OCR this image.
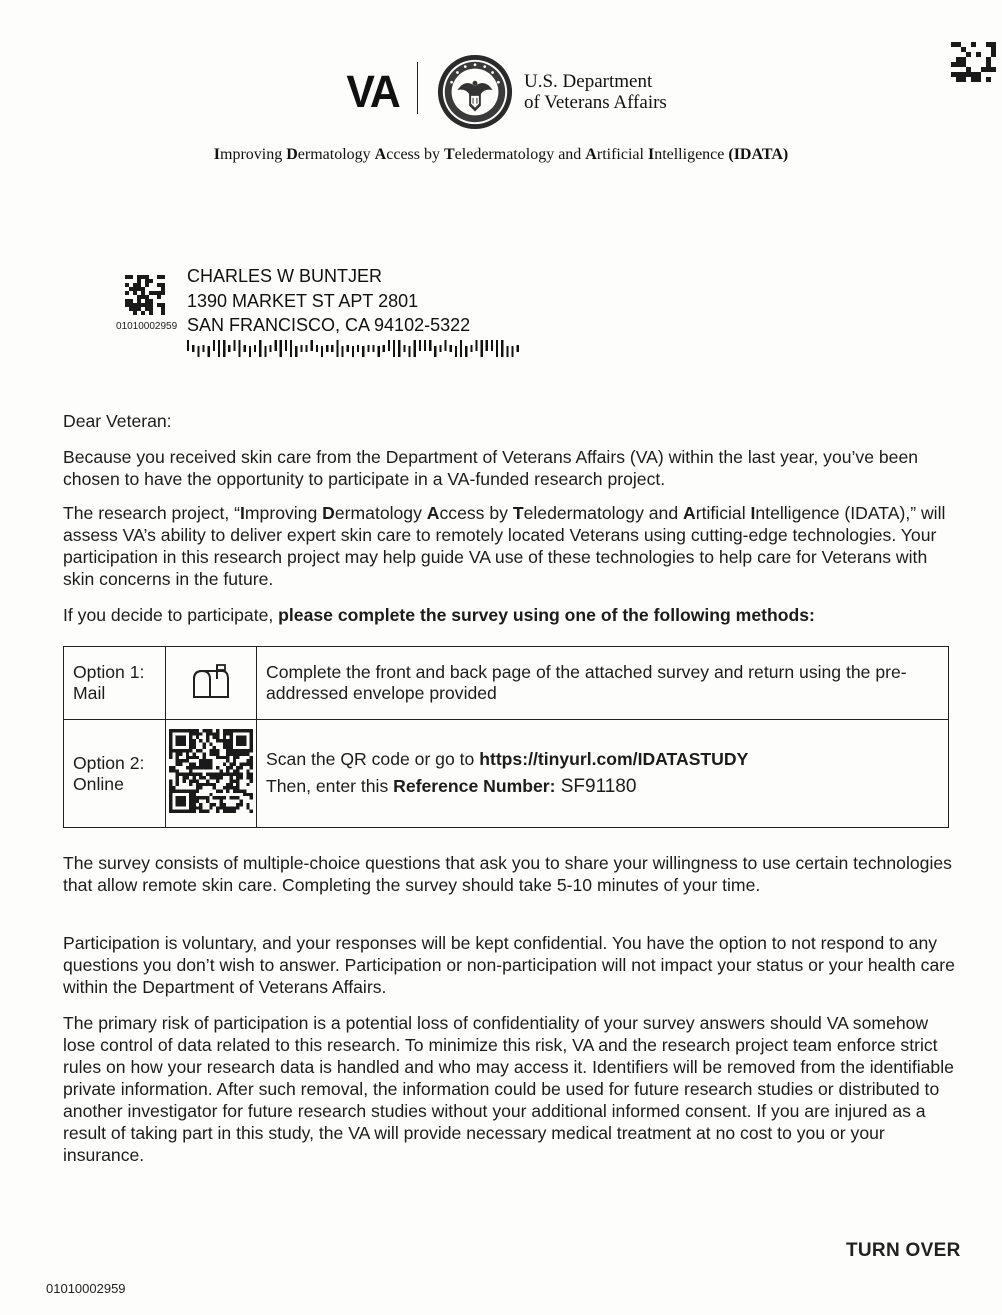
VA	U.S. Department
of Veterans Affairs
Improving Dermatology Access by Teledermatology and Artificial Intelligence (IDATA)
01010002959
CHARLES W BUNTJER
1390 MARKET ST APT 2801
SAN FRANCISCO, CA 94102-5322
Dear Veteran:
Because you received skin care from the Department of Veterans Affairs (VA) within the last year, you’ve been chosen to have the opportunity to participate in a VA-funded research project.
The research project, “Improving Dermatology Access by Teledermatology and Artificial Intelligence (IDATA),” will assess VA’s ability to deliver expert skin care to remotely located Veterans using cutting-edge technologies. Your participation in this research project may help guide VA use of these technologies to help care for Veterans with skin concerns in the future.
If you decide to participate, please complete the survey using one of the following methods:
Option 1:
Mail		Complete the front and back page of the attached survey and return using the pre-addressed envelope provided
Option 2:
Online		Scan the QR code or go to https://tinyurl.com/IDATASTUDY
Then, enter this Reference Number: SF91180
The survey consists of multiple-choice questions that ask you to share your willingness to use certain technologies that allow remote skin care. Completing the survey should take 5-10 minutes of your time.
Participation is voluntary, and your responses will be kept confidential. You have the option to not respond to any questions you don’t wish to answer. Participation or non-participation will not impact your status or your health care within the Department of Veterans Affairs.
The primary risk of participation is a potential loss of confidentiality of your survey answers should VA somehow lose control of data related to this research. To minimize this risk, VA and the research project team enforce strict rules on how your research data is handled and who may access it. Identifiers will be removed from the identifiable private information. After such removal, the information could be used for future research studies or distributed to another investigator for future research studies without your additional informed consent. If you are injured as a result of taking part in this study, the VA will provide necessary medical treatment at no cost to you or your insurance.
TURN OVER
01010002959
